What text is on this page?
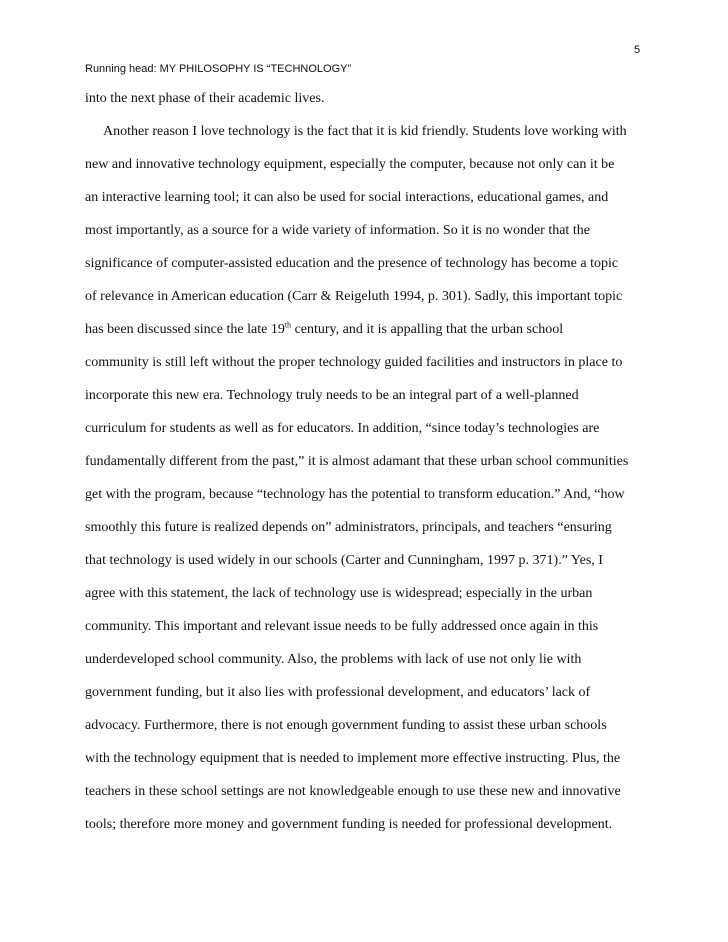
5
Running head: MY PHILOSOPHY IS “TECHNOLOGY”
into the next phase of their academic lives.
Another reason I love technology is the fact that it is kid friendly. Students love working with
new and innovative technology equipment, especially the computer, because not only can it be
an interactive learning tool; it can also be used for social interactions, educational games, and
most importantly, as a source for a wide variety of information. So it is no wonder that the
significance of computer-assisted education and the presence of technology has become a topic
of relevance in American education (Carr & Reigeluth 1994, p. 301). Sadly, this important topic
has been discussed since the late 19th century, and it is appalling that the urban school
community is still left without the proper technology guided facilities and instructors in place to
incorporate this new era. Technology truly needs to be an integral part of a well-planned
curriculum for students as well as for educators. In addition, “since today’s technologies are
fundamentally different from the past,” it is almost adamant that these urban school communities
get with the program, because “technology has the potential to transform education.” And, “how
smoothly this future is realized depends on” administrators, principals, and teachers “ensuring
that technology is used widely in our schools (Carter and Cunningham, 1997 p. 371).” Yes, I
agree with this statement, the lack of technology use is widespread; especially in the urban
community. This important and relevant issue needs to be fully addressed once again in this
underdeveloped school community. Also, the problems with lack of use not only lie with
government funding, but it also lies with professional development, and educators’ lack of
advocacy. Furthermore, there is not enough government funding to assist these urban schools
with the technology equipment that is needed to implement more effective instructing. Plus, the
teachers in these school settings are not knowledgeable enough to use these new and innovative
tools; therefore more money and government funding is needed for professional development.
